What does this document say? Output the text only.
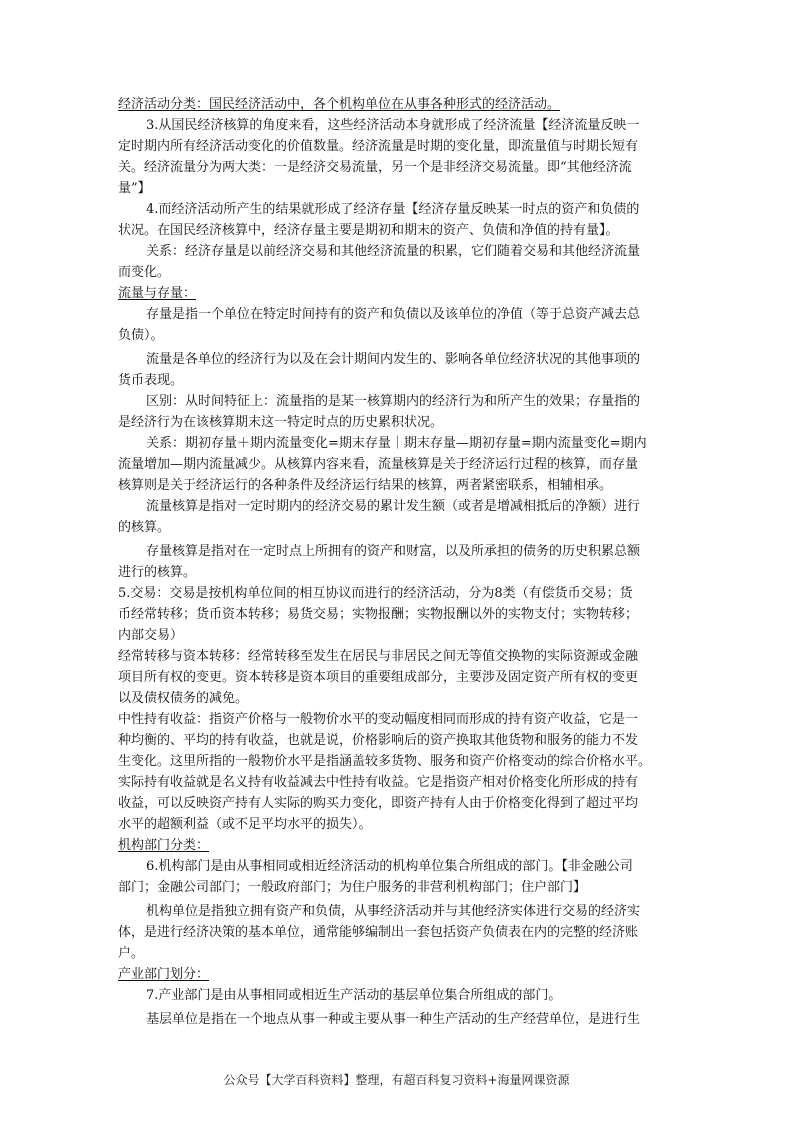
经济活动分类：国民经济活动中，各个机构单位在从事各种形式的经济活动。
3.从国民经济核算的角度来看，这些经济活动本身就形成了经济流量【经济流量反映一
定时期内所有经济活动变化的价值数量。经济流量是时期的变化量，即流量值与时期长短有
关。经济流量分为两大类：一是经济交易流量，另一个是非经济交易流量。即“其他经济流
量”】
4.而经济活动所产生的结果就形成了经济存量【经济存量反映某一时点的资产和负债的
状况。在国民经济核算中，经济存量主要是期初和期末的资产、负债和净值的持有量】。
关系：经济存量是以前经济交易和其他经济流量的积累，它们随着交易和其他经济流量
而变化。
流量与存量：
存量是指一个单位在特定时间持有的资产和负债以及该单位的净值（等于总资产减去总
负债）。
流量是各单位的经济行为以及在会计期间内发生的、影响各单位经济状况的其他事项的
货币表现。
区别：从时间特征上：流量指的是某一核算期内的经济行为和所产生的效果；存量指的
是经济行为在该核算期末这一特定时点的历史累积状况。
关系：期初存量＋期内流量变化=期末存量｜期末存量—期初存量=期内流量变化=期内
流量增加—期内流量减少。从核算内容来看，流量核算是关于经济运行过程的核算，而存量
核算则是关于经济运行的各种条件及经济运行结果的核算，两者紧密联系，相辅相承。
流量核算是指对一定时期内的经济交易的累计发生额（或者是增减相抵后的净额）进行
的核算。
存量核算是指对在一定时点上所拥有的资产和财富，以及所承担的债务的历史积累总额
进行的核算。
5.交易：交易是按机构单位间的相互协议而进行的经济活动，分为8类（有偿货币交易；货
币经常转移；货币资本转移；易货交易；实物报酬；实物报酬以外的实物支付；实物转移；
内部交易）
经常转移与资本转移：经常转移至发生在居民与非居民之间无等值交换物的实际资源或金融
项目所有权的变更。资本转移是资本项目的重要组成部分，主要涉及固定资产所有权的变更
以及债权债务的减免。
中性持有收益：指资产价格与一般物价水平的变动幅度相同而形成的持有资产收益，它是一
种均衡的、平均的持有收益，也就是说，价格影响后的资产换取其他货物和服务的能力不发
生变化。这里所指的一般物价水平是指涵盖较多货物、服务和资产价格变动的综合价格水平。
实际持有收益就是名义持有收益减去中性持有收益。它是指资产相对价格变化所形成的持有
收益，可以反映资产持有人实际的购买力变化，即资产持有人由于价格变化得到了超过平均
水平的超额利益（或不足平均水平的损失）。
机构部门分类：
6.机构部门是由从事相同或相近经济活动的机构单位集合所组成的部门。【非金融公司
部门；金融公司部门；一般政府部门；为住户服务的非营利机构部门；住户部门】
机构单位是指独立拥有资产和负债，从事经济活动并与其他经济实体进行交易的经济实
体，是进行经济决策的基本单位，通常能够编制出一套包括资产负债表在内的完整的经济账
户。
产业部门划分：
7.产业部门是由从事相同或相近生产活动的基层单位集合所组成的部门。
基层单位是指在一个地点从事一种或主要从事一种生产活动的生产经营单位，是进行生
公众号【大学百科资料】整理，有超百科复习资料+海量网课资源
